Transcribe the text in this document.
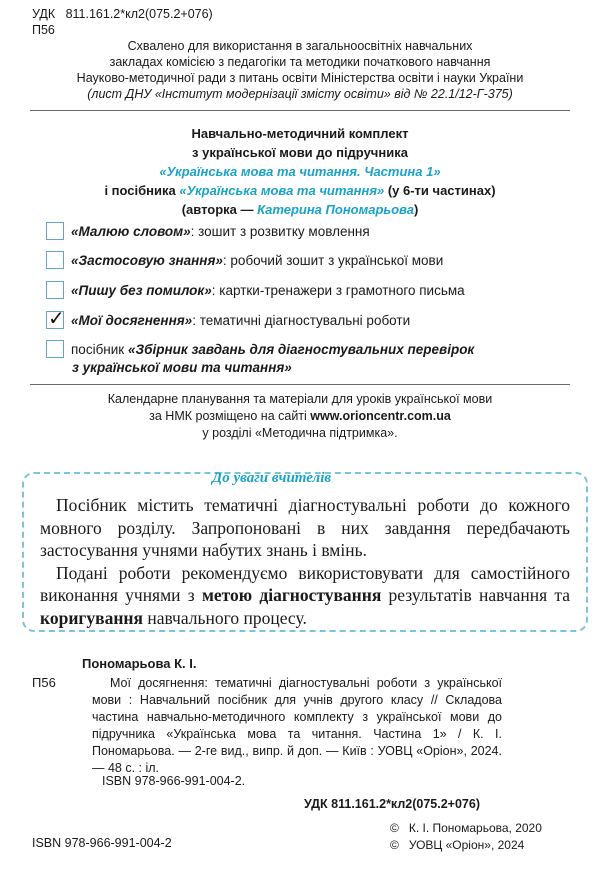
УДК 811.161.2*кл2(075.2+076)
П56
Схвалено для використання в загальноосвітніх навчальних
закладах комісією з педагогіки та методики початкового навчання
Науково-методичної ради з питань освіти Міністерства освіти і науки України
(лист ДНУ «Інститут модернізації змісту освіти» від № 22.1/12-Г-375)
Навчально-методичний комплект
з української мови до підручника
«Українська мова та читання. Частина 1»
і посібника «Українська мова та читання» (у 6-ти частинах)
(авторка — Катерина Пономарьова)
«Малюю словом» : зошит з розвитку мовлення
«Застосовую знання» : робочий зошит з української мови
«Пишу без помилок» : картки-тренажери з грамотного письма
✓ «Мої досягнення» : тематичні діагностувальні роботи
посібник «Збірник завдань для діагностувальних перевірок
з української мови та читання»
Календарне планування та матеріали для уроків української мови
за НМК розміщено на сайті www.orioncentr.com.ua
у розділі «Методична підтримка».
До уваги вчителів

Посібник містить тематичні діагностувальні роботи до кожного мовного розділу. Запропоновані в них завдання передбачають застосування учнями набутих знань і вмінь.

Подані роботи рекомендуємо використовувати для самостійного виконання учнями з метою діагностування результатів навчання та коригування навчального процесу.

Пономарьова К. І.
П56	Мої досягнення: тематичні діагностувальні роботи з української мови : Навчальний посібник для учнів другого класу // Складова частина навчально-методичного комплекту з української мови до підручника «Українська мова та читання. Частина 1» / К. І. Пономарьова. — 2-ге вид., випр. й доп. — Київ : УОВЦ «Оріон», 2024. — 48 с. : іл.
ISBN 978-966-991-004-2.
УДК 811.161.2*кл2(075.2+076)
ISBN 978-966-991-004-2
© К. І. Пономарьова, 2020
© УОВЦ «Оріон», 2024
